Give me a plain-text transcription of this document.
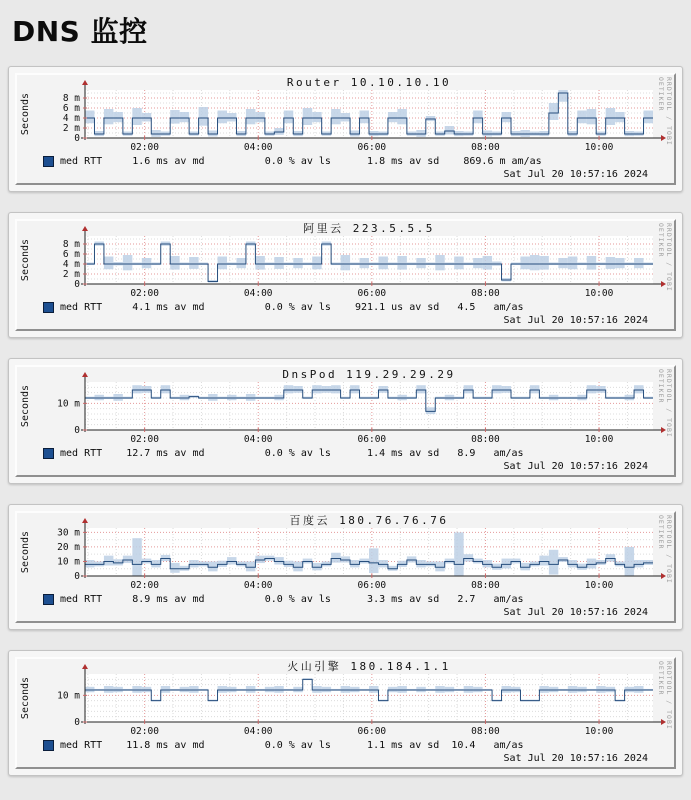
DNS 监控
02:00	04:00	06:00	08:00	10:00
0
2 m
4 m
6 m
8 m
Router 10.10.10.10
Seconds
med RTT     1.6 ms av md          0.0 % av ls      1.8 ms av sd    869.6 m am/as
Sat Jul 20 10:57:16 2024
RRDTOOL / TOBI OETIKER
02:00	04:00	06:00	08:00	10:00
0
2 m
4 m
6 m
8 m
阿里云 223.5.5.5
Seconds
med RTT     4.1 ms av md          0.0 % av ls    921.1 us av sd   4.5   am/as
Sat Jul 20 10:57:16 2024
RRDTOOL / TOBI OETIKER
02:00	04:00	06:00	08:00	10:00
0
10 m
DnsPod 119.29.29.29
Seconds
med RTT    12.7 ms av md          0.0 % av ls      1.4 ms av sd   8.9   am/as
Sat Jul 20 10:57:16 2024
RRDTOOL / TOBI OETIKER
02:00	04:00	06:00	08:00	10:00
0
10 m
20 m
30 m
百度云 180.76.76.76
Seconds
med RTT     8.9 ms av md          0.0 % av ls      3.3 ms av sd   2.7   am/as
Sat Jul 20 10:57:16 2024
RRDTOOL / TOBI OETIKER
02:00	04:00	06:00	08:00	10:00
0
10 m
火山引擎 180.184.1.1
Seconds
med RTT    11.8 ms av md          0.0 % av ls      1.1 ms av sd  10.4   am/as
Sat Jul 20 10:57:16 2024
RRDTOOL / TOBI OETIKER
